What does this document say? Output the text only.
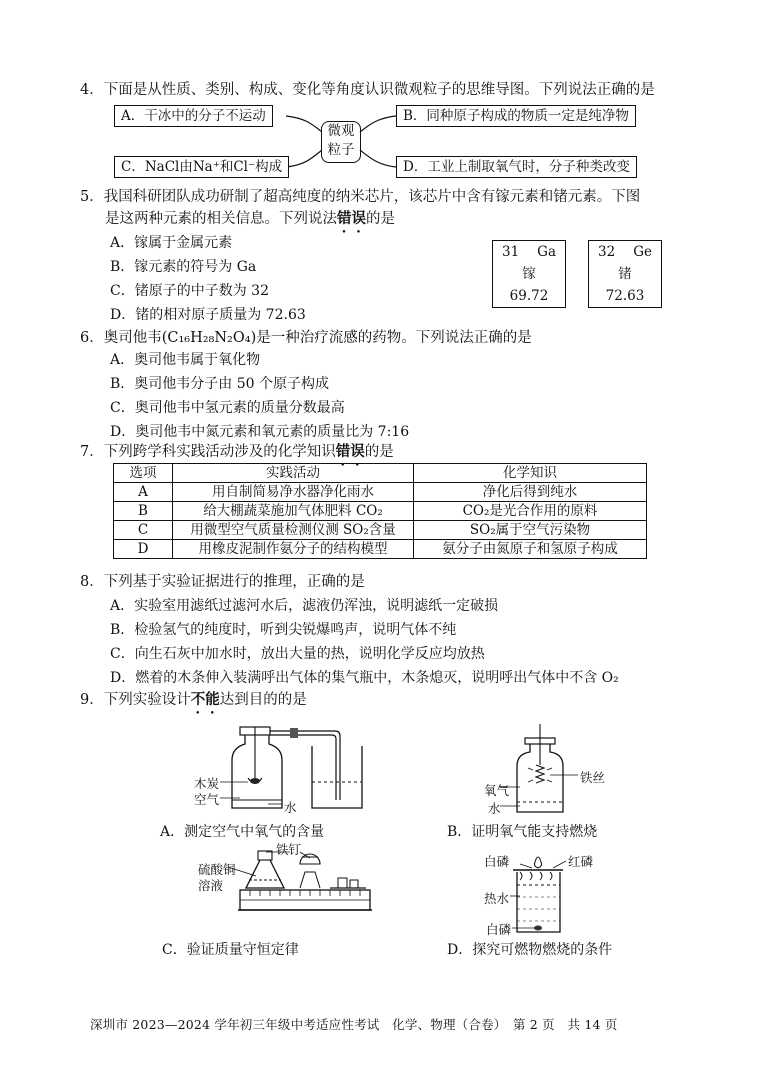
4．下面是从性质、类别、构成、变化等角度认识微观粒子的思维导图。下列说法正确的是
A．干冰中的分子不运动	B．同种原子构成的物质一定是纯净物
C．NaCl由Na⁺和Cl⁻构成	D．工业上制取氧气时，分子种类改变
微观
粒子
5．我国科研团队成功研制了超高纯度的纳米芯片，该芯片中含有镓元素和锗元素。下图
是这两种元素的相关信息。下列说法错误的是
A．镓属于金属元素
B．镓元素的符号为 Ga
C．锗原子的中子数为 32
D．锗的相对原子质量为 72.63
31 Ga
镓
69.72
32 Ge
锗
72.63
6．奥司他韦(C₁₆H₂₈N₂O₄)是一种治疗流感的药物。下列说法正确的是
A．奥司他韦属于氧化物
B．奥司他韦分子由 50 个原子构成
C．奥司他韦中氢元素的质量分数最高
D．奥司他韦中氮元素和氧元素的质量比为 7:16
7．下列跨学科实践活动涉及的化学知识错误的是
选项	实践活动	化学知识
A	用自制简易净水器净化雨水	净化后得到纯水
B	给大棚蔬菜施加气体肥料 CO₂	CO₂是光合作用的原料
C	用微型空气质量检测仪测 SO₂含量	SO₂属于空气污染物
D	用橡皮泥制作氨分子的结构模型	氨分子由氮原子和氢原子构成
8．下列基于实验证据进行的推理，正确的是
A．实验室用滤纸过滤河水后，滤液仍浑浊，说明滤纸一定破损
B．检验氢气的纯度时，听到尖锐爆鸣声，说明气体不纯
C．向生石灰中加水时，放出大量的热，说明化学反应均放热
D．燃着的木条伸入装满呼出气体的集气瓶中，木条熄灭，说明呼出气体中不含 O₂
9．下列实验设计不能达到目的的是
木炭
空气
水
A．测定空气中氧气的含量
氧气
水
铁丝
B．证明氧气能支持燃烧
铁钉
硫酸铜
溶液
C．验证质量守恒定律
白磷	红磷
热水
白磷
D．探究可燃物燃烧的条件
深圳市 2023—2024 学年初三年级中考适应性考试　化学、物理（合卷）　第 2 页　共 14 页
